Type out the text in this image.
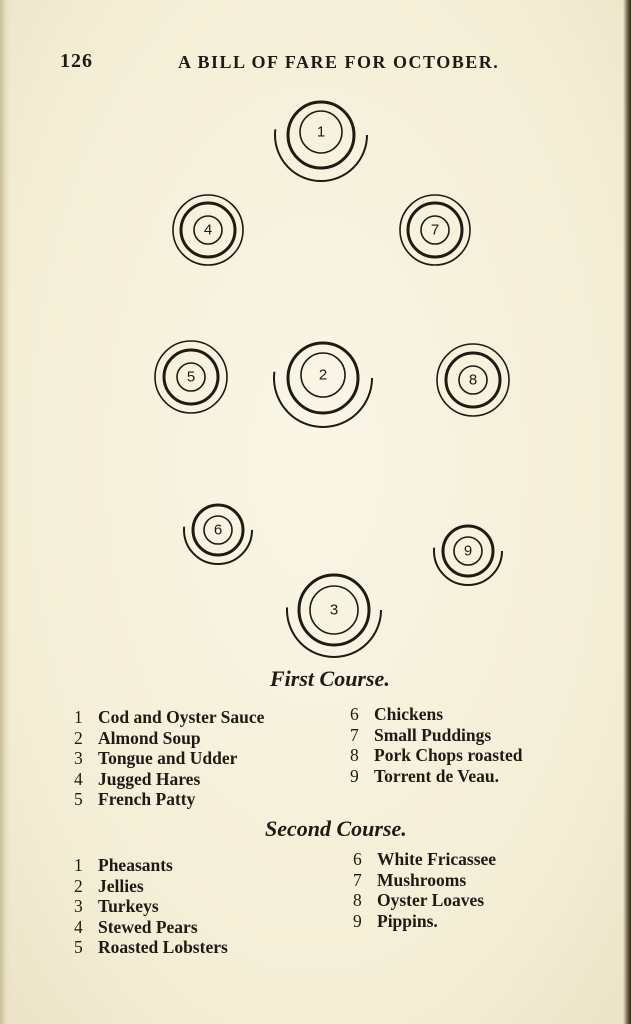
126	A BILL OF FARE FOR OCTOBER.
1
4	7
5	2	8
6
9
3
First Course.
1 Cod and Oyster Sauce
2 Almond Soup
3 Tongue and Udder
4 Jugged Hares
5 French Patty
6 Chickens
7 Small Puddings
8 Pork Chops roasted
9 Torrent de Veau.
Second Course.
1 Pheasants
2 Jellies
3 Turkeys
4 Stewed Pears
5 Roasted Lobsters
6 White Fricassee
7 Mushrooms
8 Oyster Loaves
9 Pippins.
